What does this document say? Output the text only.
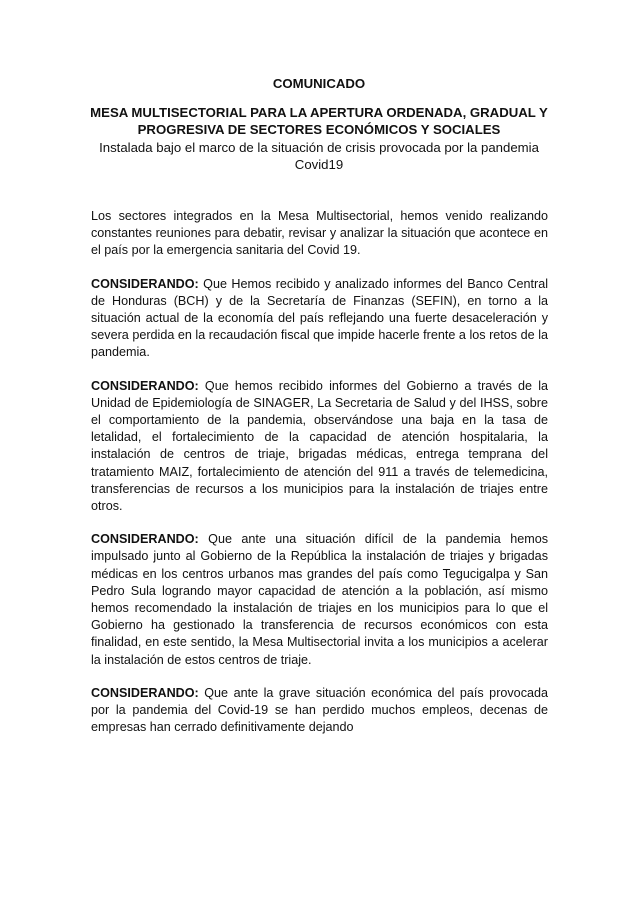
COMUNICADO

MESA MULTISECTORIAL PARA LA APERTURA ORDENADA, GRADUAL Y PROGRESIVA DE SECTORES ECONÓMICOS Y SOCIALES

Instalada bajo el marco de la situación de crisis provocada por la pandemia Covid19

Los sectores integrados en la Mesa Multisectorial, hemos venido realizando constantes reuniones para debatir, revisar y analizar la situación que acontece en el país por la emergencia sanitaria del Covid 19.

CONSIDERANDO: Que Hemos recibido y analizado informes del Banco Central de Honduras (BCH) y de la Secretaría de Finanzas (SEFIN), en torno a la situación actual de la economía del país reflejando una fuerte desaceleración y severa perdida en la recaudación fiscal que impide hacerle frente a los retos de la pandemia.

CONSIDERANDO: Que hemos recibido informes del Gobierno a través de la Unidad de Epidemiología de SINAGER, La Secretaria de Salud y del IHSS, sobre el comportamiento de la pandemia, observándose una baja en la tasa de letalidad, el fortalecimiento de la capacidad de atención hospitalaria, la instalación de centros de triaje, brigadas médicas, entrega temprana del tratamiento MAIZ, fortalecimiento de atención del 911 a través de telemedicina, transferencias de recursos a los municipios para la instalación de triajes entre otros.

CONSIDERANDO: Que ante una situación difícil de la pandemia hemos impulsado junto al Gobierno de la República la instalación de triajes y brigadas médicas en los centros urbanos mas grandes del país como Tegucigalpa y San Pedro Sula logrando mayor capacidad de atención a la población, así mismo hemos recomendado la instalación de triajes en los municipios para lo que el Gobierno ha gestionado la transferencia de recursos económicos con esta finalidad, en este sentido, la Mesa Multisectorial invita a los municipios a acelerar la instalación de estos centros de triaje.

CONSIDERANDO: Que ante la grave situación económica del país provocada por la pandemia del Covid-19 se han perdido muchos empleos, decenas de empresas han cerrado definitivamente dejando
